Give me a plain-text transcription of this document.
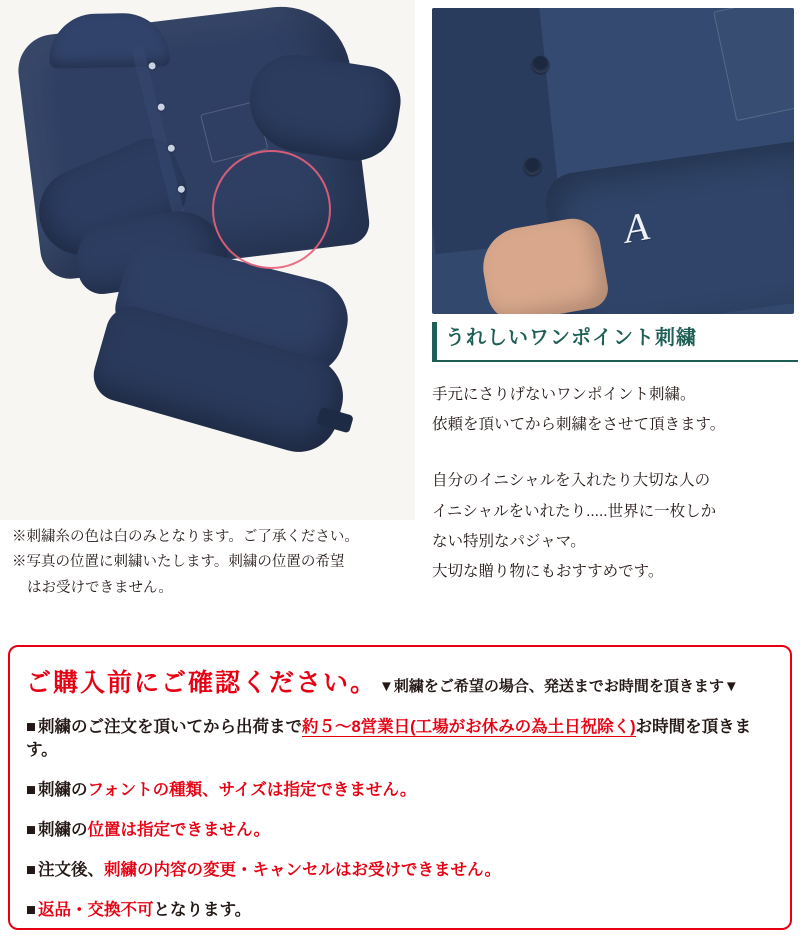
A
うれしいワンポイント刺繍
手元にさりげないワンポイント刺繍。
依頼を頂いてから刺繍をさせて頂きます。
自分のイニシャルを入れたり大切な人の
イニシャルをいれたり.....世界に一枚しか
ない特別なパジャマ。
大切な贈り物にもおすすめです。
※刺繍糸の色は白のみとなります。ご了承ください。
※写真の位置に刺繍いたします。刺繍の位置の希望
はお受けできません。
ご購入前にご確認ください。 ▼刺繍をご希望の場合、発送までお時間を頂きます▼
■ 刺繍のご注文を頂いてから出荷まで約５〜8営業日(工場がお休みの為土日祝除く)お時間を頂きます。
■ 刺繍のフォントの種類、サイズは指定できません。
■ 刺繍の位置は指定できません。
■ 注文後、刺繍の内容の変更・キャンセルはお受けできません。
■ 返品・交換不可となります。
